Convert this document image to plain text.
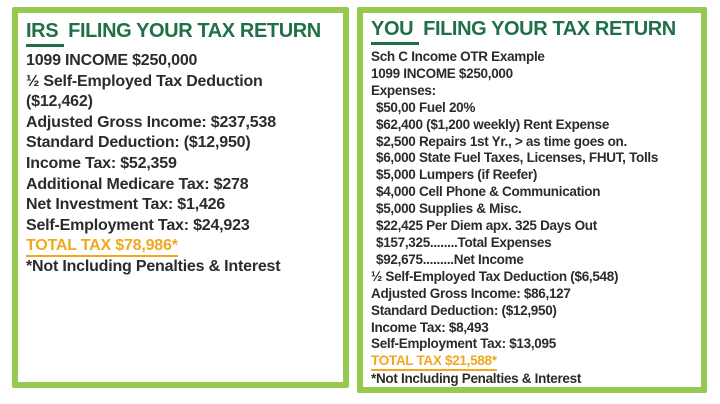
IRS FILING YOUR TAX RETURN
1099 INCOME $250,000
½ Self-Employed Tax Deduction
($12,462)
Adjusted Gross Income: $237,538
Standard Deduction: ($12,950)
Income Tax: $52,359
Additional Medicare Tax: $278
Net Investment Tax: $1,426
Self-Employment Tax: $24,923
TOTAL TAX $78,986*
*Not Including Penalties & Interest
YOU FILING YOUR TAX RETURN
Sch C Income OTR Example
1099 INCOME $250,000
Expenses:
$50,00 Fuel 20%
$62,400 ($1,200 weekly) Rent Expense
$2,500 Repairs 1st Yr., > as time goes on.
$6,000 State Fuel Taxes, Licenses, FHUT, Tolls
$5,000 Lumpers (if Reefer)
$4,000 Cell Phone & Communication
$5,000 Supplies & Misc.
$22,425 Per Diem apx. 325 Days Out
$157,325........Total Expenses
$92,675.........Net Income
½ Self-Employed Tax Deduction ($6,548)
Adjusted Gross Income: $86,127
Standard Deduction: ($12,950)
Income Tax: $8,493
Self-Employment Tax: $13,095
TOTAL TAX $21,588*
*Not Including Penalties & Interest
